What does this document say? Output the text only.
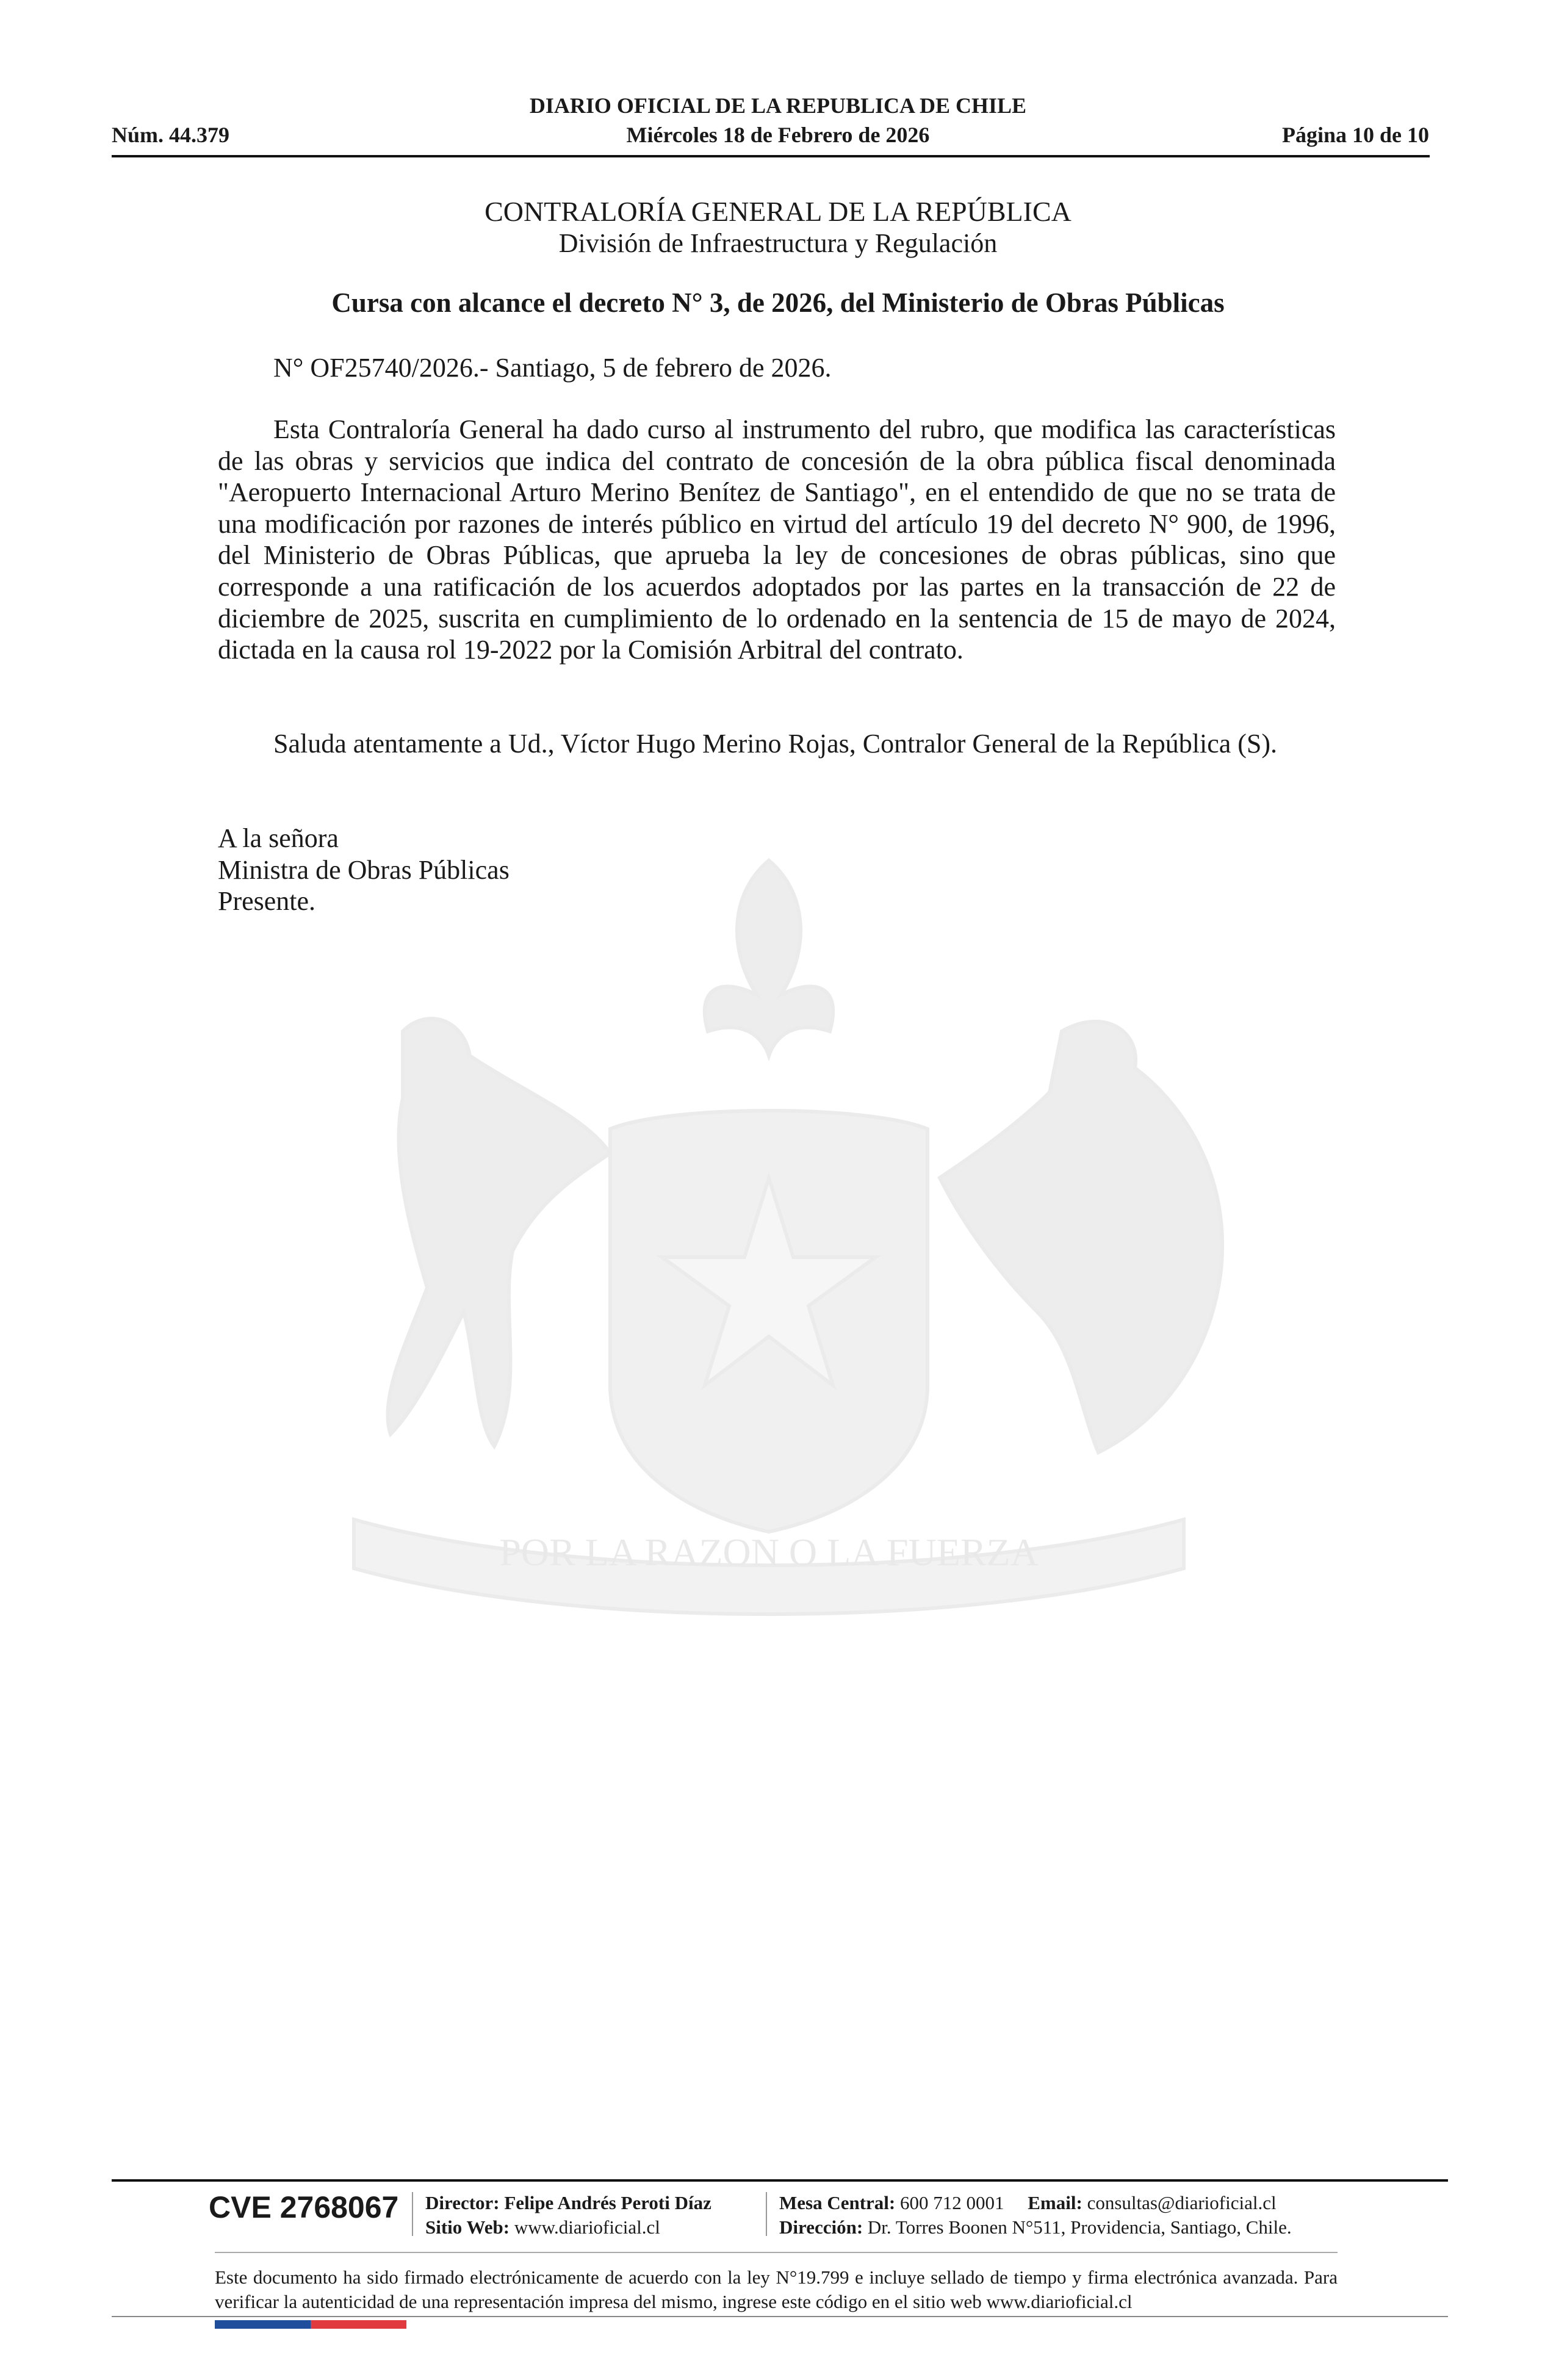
DIARIO OFICIAL DE LA REPUBLICA DE CHILE
Miércoles 18 de Febrero de 2026
Núm. 44.379	Página 10 de 10
POR LA RAZON O LA FUERZA
CONTRALORÍA GENERAL DE LA REPÚBLICA
División de Infraestructura y Regulación
Cursa con alcance el decreto N° 3, de 2026, del Ministerio de Obras Públicas
N° OF25740/2026.- Santiago, 5 de febrero de 2026.
Esta Contraloría General ha dado curso al instrumento del rubro, que modifica las características de las obras y servicios que indica del contrato de concesión de la obra pública fiscal denominada "Aeropuerto Internacional Arturo Merino Benítez de Santiago", en el entendido de que no se trata de una modificación por razones de interés público en virtud del artículo 19 del decreto N° 900, de 1996, del Ministerio de Obras Públicas, que aprueba la ley de concesiones de obras públicas, sino que corresponde a una ratificación de los acuerdos adoptados por las partes en la transacción de 22 de diciembre de 2025, suscrita en cumplimiento de lo ordenado en la sentencia de 15 de mayo de 2024, dictada en la causa rol 19-2022 por la Comisión Arbitral del contrato.
Saluda atentamente a Ud., Víctor Hugo Merino Rojas, Contralor General de la República (S).
A la señora
Ministra de Obras Públicas
Presente.
CVE 2768067 Director: Felipe Andrés Peroti Díaz
Sitio Web: www.diarioficial.cl
Mesa Central: 600 712 0001 Email: consultas@diarioficial.cl
Dirección: Dr. Torres Boonen N°511, Providencia, Santiago, Chile.
Este documento ha sido firmado electrónicamente de acuerdo con la ley N°19.799 e incluye sellado de tiempo y firma electrónica avanzada. Para verificar la autenticidad de una representación impresa del mismo, ingrese este código en el sitio web www.diarioficial.cl
